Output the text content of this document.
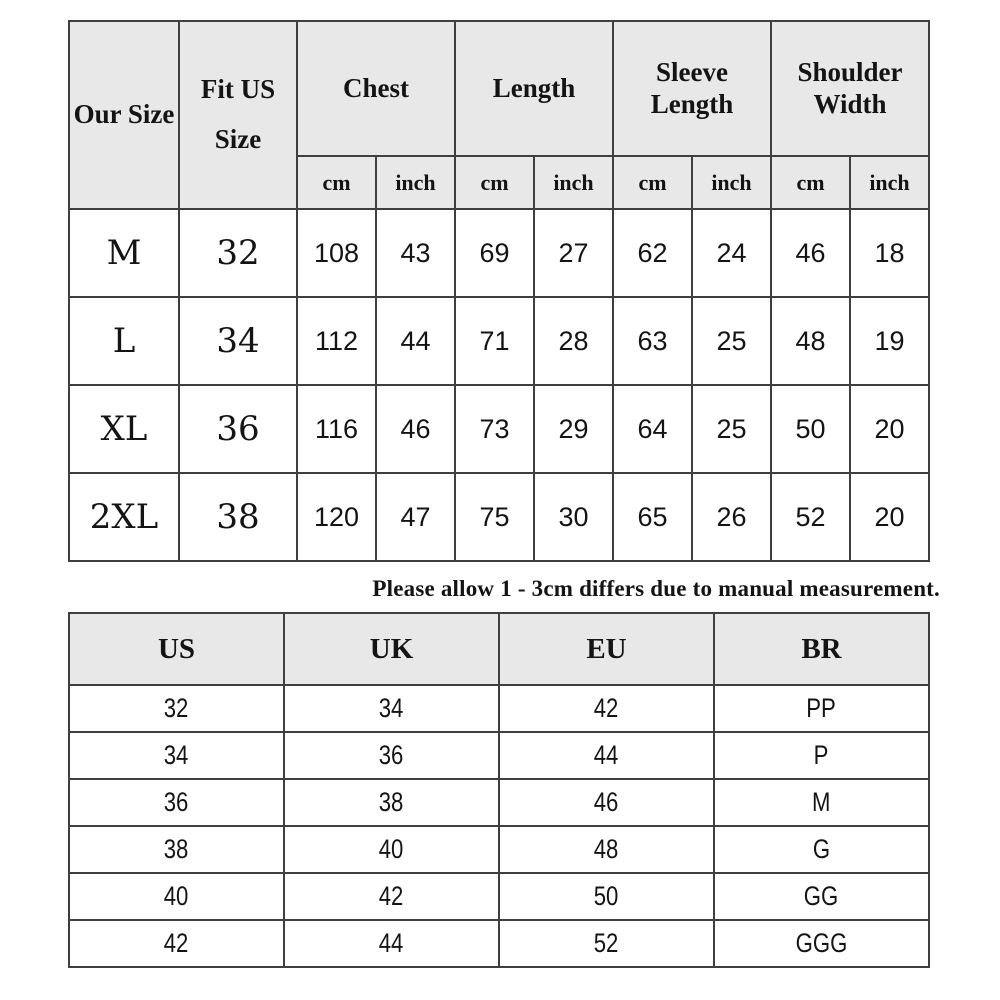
Our Size	Fit US Size	Chest		Length		Sleeve Length		Shoulder Width	
		cm	inch	cm	inch	cm	inch	cm	inch
M	32	108	43	69	27	62	24	46	18
L	34	112	44	71	28	63	25	48	19
XL	36	116	46	73	29	64	25	50	20
2XL	38	120	47	75	30	65	26	52	20

Please allow 1 - 3cm differs due to manual measurement.

US	UK	EU	BR
32	34	42	PP
34	36	44	P
36	38	46	M
38	40	48	G
40	42	50	GG
42	44	52	GGG
